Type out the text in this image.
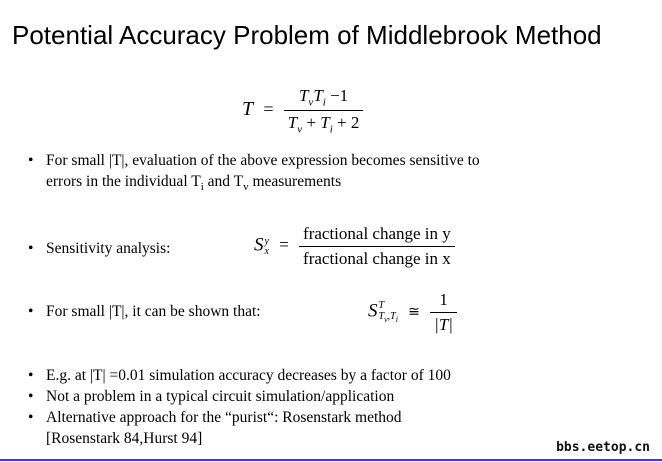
Potential Accuracy Problem of Middlebrook Method
$T = \frac{T_vT_i -1}{T_v + T_i + 2}$
• For small |T|, evaluation of the above expression becomes sensitive to
errors in the individual $T_i$ and $T_v$ measurements
• Sensitivity analysis:	S y
$x = \frac{\text{fractional change in y}}{\text{fractional change in x}}$
• For small |T|, it can be shown that:	S T
$T_v,T_i$ ≅ $\frac{1}{|T|}$
• E.g. at |T| =0.01 simulation accuracy decreases by a factor of 100
• Not a problem in a typical circuit simulation/application
• Alternative approach for the “purist“: Rosenstark method
[Rosenstark 84,Hurst 94]
bbs.eetop.cn
